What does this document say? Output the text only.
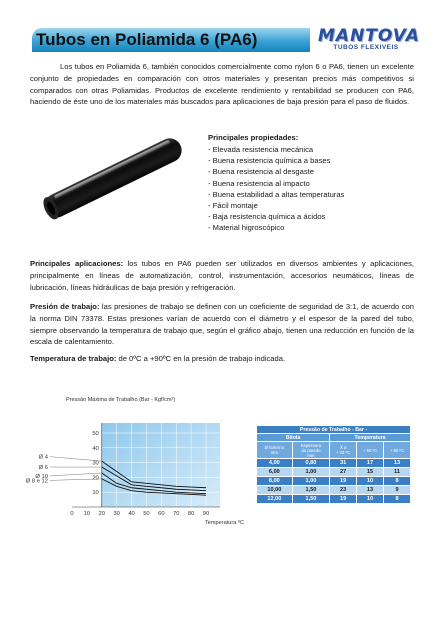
Tubos en Poliamida 6 (PA6)	MANTOVA
TUBOS FLEXIVEIS

Los tubos en Poliamida 6, también conocidos comercialmente como nylon 6 o PA6, tienen un excelente conjunto de propiedades en comparación con otros materiales y presentan precios más competitivos si comparados con otras Poliamidas. Productos de excelente rendimiento y rentabilidad se producen con PA6, haciendo de éste uno de los materiales más buscados para aplicaciones de baja presión para el paso de fluidos.

Principales propiedades:
- Elevada resistencia mecánica
- Buena resistencia química a bases
- Buena resistencia al desgaste
- Buena resistencia al impacto
- Buena estabilidad a altas temperaturas
- Fácil montaje
- Baja resistencia química a ácidos
- Material higroscópico

Principales aplicaciones: los tubos en PA6 pueden ser utilizados en diversos ambientes y aplicaciones, principalmente en líneas de automatización, control, instrumentación, accesorios neumáticos, líneas de lubricación, líneas hidráulicas de baja presión y refrigeración.

Presión de trabajo: las presiones de trabajo se definen con un coeficiente de seguridad de 3:1, de acuerdo con la norma DIN 73378. Estas presiones varían de acuerdo con el diámetro y el espesor de la pared del tubo, siempre observando la temperatura de trabajo que, según el gráfico abajo, tienen una reducción en función de la escala de calentamiento.

Temperatura de trabajo: de 0ºC a +90ºC en la presión de trabajo indicada.

Pressão Máxima de Trabalho (Bar - Kgf/cm²)
10
20
30
40
50
0 10 20 30 40 50 60 70 80 90
Temperatura ºC
Ø 4
Ø 6
Ø 10
Ø 8 e 12
Pressão de Trabalho - Bar -				
Bitola		Temperatura		
Ø Externo
mm	Espessura
da parede
mm	Ⅹ a
+ 23 ºC	+ 50 ºC	+ 90 ºC
4,00	0,80	31	17	13
6,00	1,00	27	15	11
8,00	1,00	19	10	8
10,00	1,50	23	13	9
12,00	1,50	19	10	8
